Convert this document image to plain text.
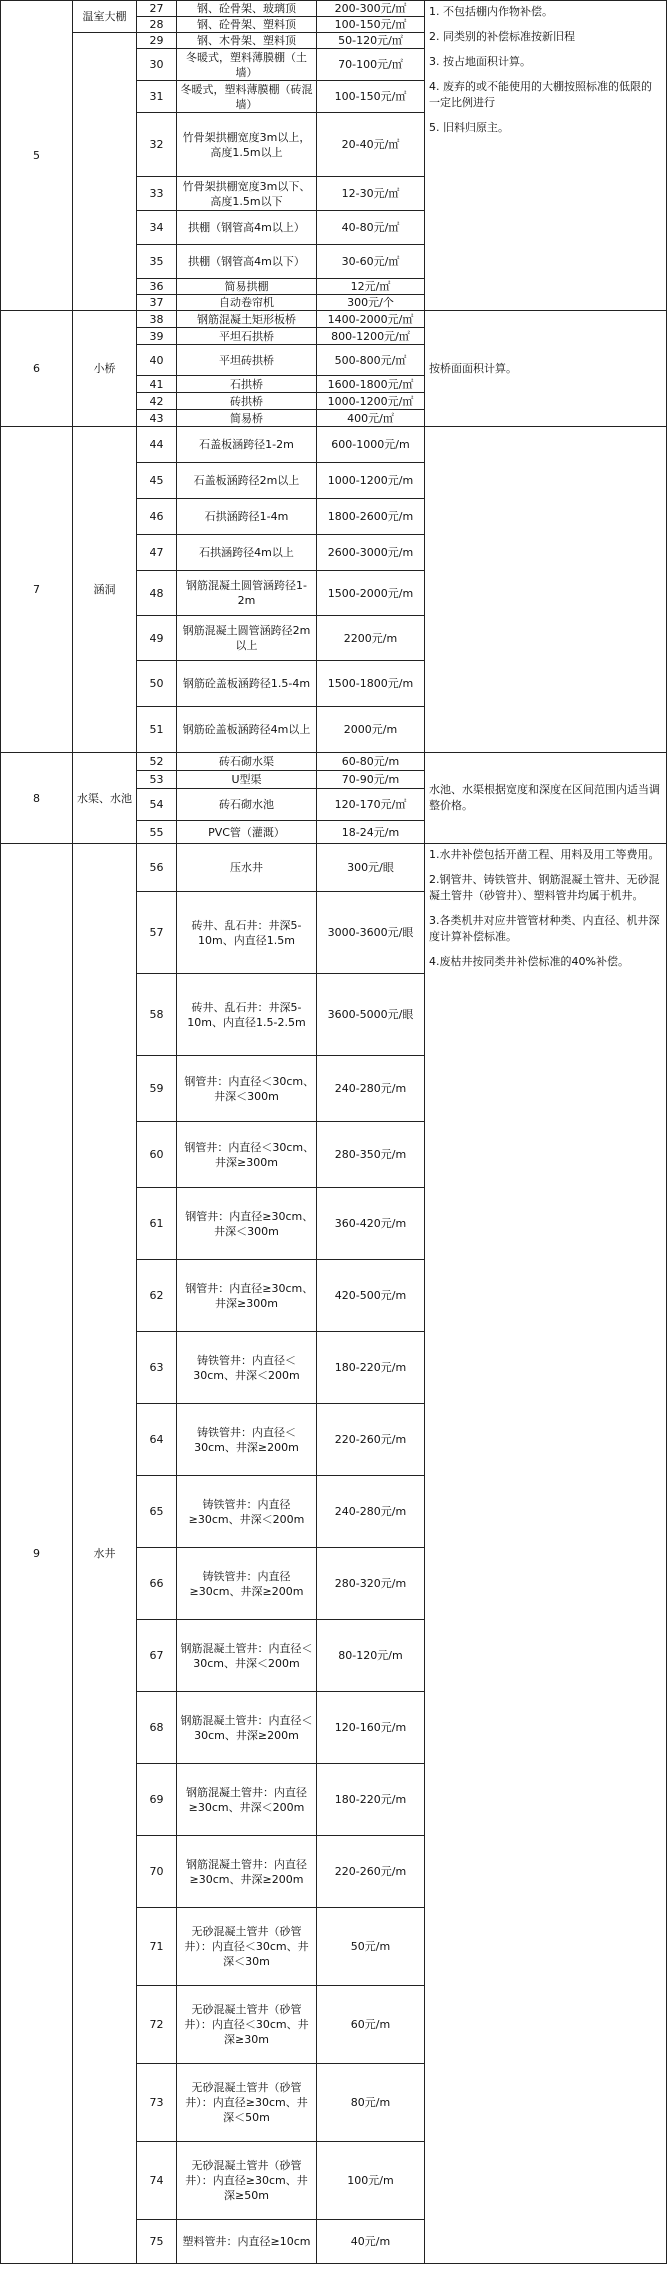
5	温室大棚	27	钢、砼骨架、玻璃顶	200-300元/㎡	1. 不包括棚内作物补偿。

2. 同类别的补偿标准按新旧程

3. 按占地面积计算。

4. 废弃的或不能使用的大棚按照标准的低限的一定比例进行

5. 旧料归原主。

		28	钢、砼骨架、塑料顶	100-150元/㎡	
		29	钢、木骨架、塑料顶	50-120元/㎡	
		30	冬暖式，塑料薄膜棚（土墙）	70-100元/㎡	
		31	冬暖式，塑料薄膜棚（砖混墙）	100-150元/㎡	
		32	竹骨架拱棚宽度3m以上，高度1.5m以上	20-40元/㎡	
		33	竹骨架拱棚宽度3m以下、高度1.5m以下	12-30元/㎡	
		34	拱棚（钢管高4m以上）	40-80元/㎡	
		35	拱棚（钢管高4m以下）	30-60元/㎡	
		36	简易拱棚	12元/㎡	
		37	自动卷帘机	300元/个	
6	小桥	38	钢筋混凝土矩形板桥	1400-2000元/㎡	按桥面面积计算。

		39	平坦石拱桥	800-1200元/㎡	
		40	平坦砖拱桥	500-800元/㎡	
		41	石拱桥	1600-1800元/㎡	
		42	砖拱桥	1000-1200元/㎡	
		43	简易桥	400元/㎡	
7	涵洞	44	石盖板涵跨径1-2m	600-1000元/m	
		45	石盖板涵跨径2m以上	1000-1200元/m	
		46	石拱涵跨径1-4m	1800-2600元/m	
		47	石拱涵跨径4m以上	2600-3000元/m	
		48	钢筋混凝土圆管涵跨径1-2m	1500-2000元/m	
		49	钢筋混凝土圆管涵跨径2m以上	2200元/m	
		50	钢筋砼盖板涵跨径1.5-4m	1500-1800元/m	
		51	钢筋砼盖板涵跨径4m以上	2000元/m	
8	水渠、水池	52	砖石砌水渠	60-80元/m	水池、水渠根据宽度和深度在区间范围内适当调整价格。

		53	U型渠	70-90元/m	
		54	砖石砌水池	120-170元/㎡	
		55	PVC管（灌溉）	18-24元/m	
9	水井	56	压水井	300元/眼	1.水井补偿包括开凿工程、用料及用工等费用。

2.钢管井、铸铁管井、钢筋混凝土管井、无砂混凝土管井（砂管井）、塑料管井均属于机井。

3.各类机井对应井管管材种类、内直径、机井深度计算补偿标准。

4.废枯井按同类井补偿标准的40%补偿。

		57	砖井、乱石井：井深5-10m、内直径1.5m	3000-3600元/眼	
		58	砖井、乱石井：井深5-10m、内直径1.5-2.5m	3600-5000元/眼	
		59	钢管井：内直径＜30cm、　井深＜300m	240-280元/m	
		60	钢管井：内直径＜30cm、　井深≥300m	280-350元/m	
		61	钢管井：内直径≥30cm、　井深＜300m	360-420元/m	
		62	钢管井：内直径≥30cm、　井深≥300m	420-500元/m	
		63	铸铁管井：内直径＜30cm、井深＜200m	180-220元/m	
		64	铸铁管井：内直径＜30cm、井深≥200m	220-260元/m	
		65	铸铁管井：内直径≥30cm、井深＜200m	240-280元/m	
		66	铸铁管井：内直径≥30cm、井深≥200m	280-320元/m	
		67	钢筋混凝土管井：内直径＜30cm、井深＜200m	80-120元/m	
		68	钢筋混凝土管井：内直径＜30cm、井深≥200m	120-160元/m	
		69	钢筋混凝土管井：内直径≥30cm、井深＜200m	180-220元/m	
		70	钢筋混凝土管井：内直径≥30cm、井深≥200m	220-260元/m	
		71	无砂混凝土管井（砂管井）：内直径＜30cm、井深＜30m	50元/m	
		72	无砂混凝土管井（砂管井）：内直径＜30cm、井深≥30m	60元/m	
		73	无砂混凝土管井（砂管井）：内直径≥30cm、井深＜50m	80元/m	
		74	无砂混凝土管井（砂管井）：内直径≥30cm、井深≥50m	100元/m	
		75	塑料管井：内直径≥10cm	40元/m	
